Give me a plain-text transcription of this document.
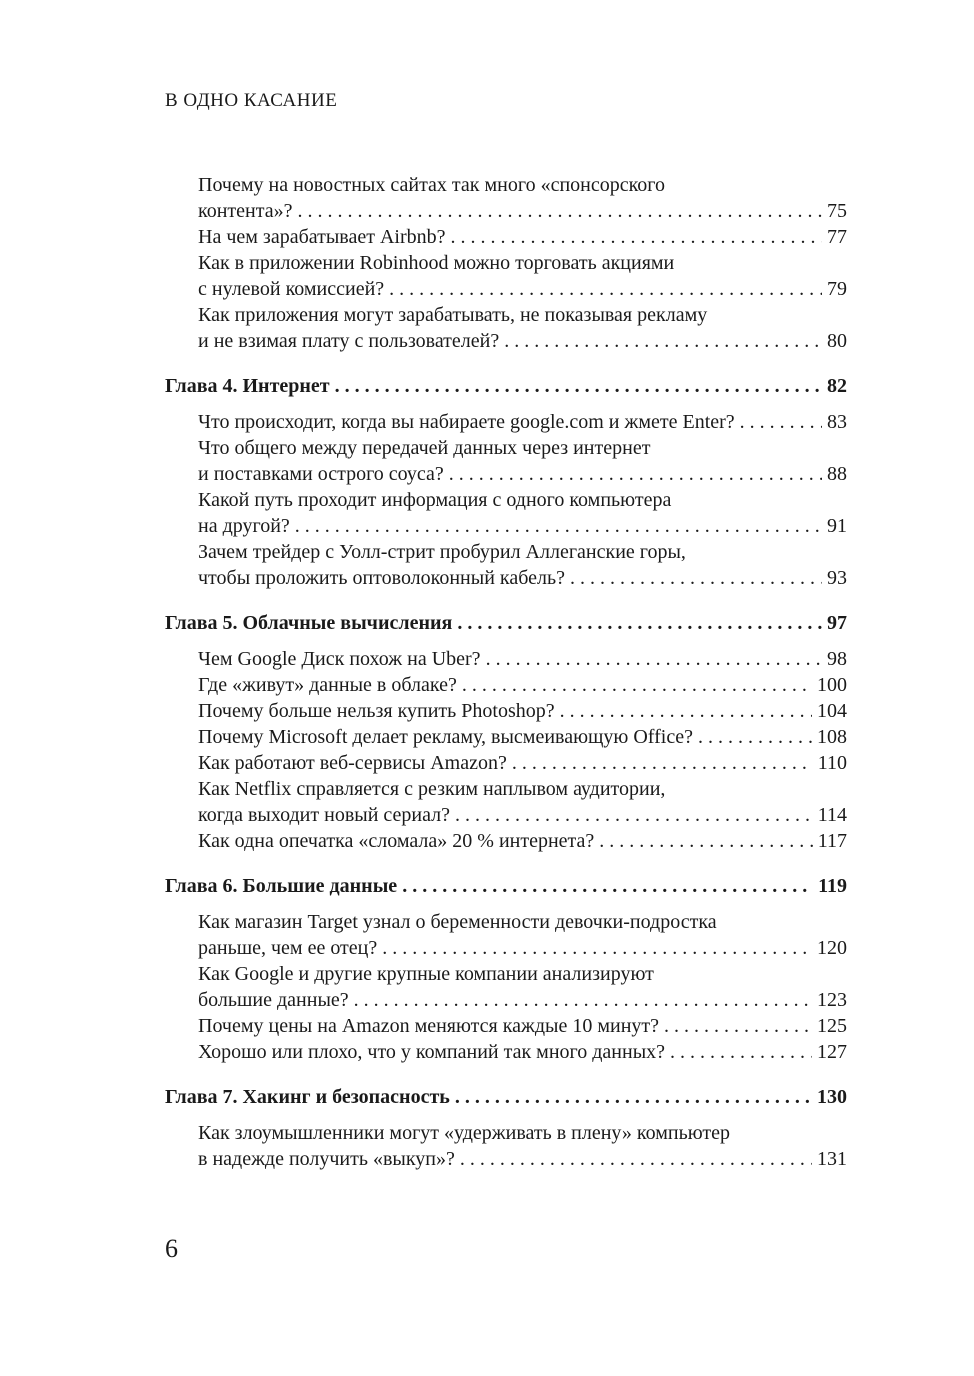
В ОДНО КАСАНИЕ
Почему на новостных сайтах так много «спонсорского
контента»? . . .	75
На чем зарабатывает Airbnb? . . .	77
Как в приложении Robinhood можно торговать акциями
с нулевой комиссией? . . .	79
Как приложения могут зарабатывать, не показывая рекламу
и не взимая плату с пользователей? . . .	80
Глава 4. Интернет . . .	82
Что происходит, когда вы набираете google.com и жмете Enter? . . .	83
Что общего между передачей данных через интернет
и поставками острого соуса? . . .	88
Какой путь проходит информация с одного компьютера
на другой? . . .	91
Зачем трейдер с Уолл-стрит пробурил Аллеганские горы,
чтобы проложить оптоволоконный кабель? . . .	93
Глава 5. Облачные вычисления . . .	97
Чем Google Диск похож на Uber? . . .	98
Где «живут» данные в облаке? . . .	100
Почему больше нельзя купить Photoshop? . . .	104
Почему Microsoft делает рекламу, высмеивающую Office? . . .	108
Как работают веб-сервисы Amazon? . . .	110
Как Netflix справляется с резким наплывом аудитории,
когда выходит новый сериал? . . .	114
Как одна опечатка «сломала» 20 % интернета? . . .	117
Глава 6. Большие данные . . .	119
Как магазин Target узнал о беременности девочки-подростка
раньше, чем ее отец? . . .	120
Как Google и другие крупные компании анализируют
большие данные? . . .	123
Почему цены на Amazon меняются каждые 10 минут? . . .	125
Хорошо или плохо, что у компаний так много данных? . . .	127
Глава 7. Хакинг и безопасность . . .	130
Как злоумышленники могут «удерживать в плену» компьютер
в надежде получить «выкуп»? . . .	131
6
